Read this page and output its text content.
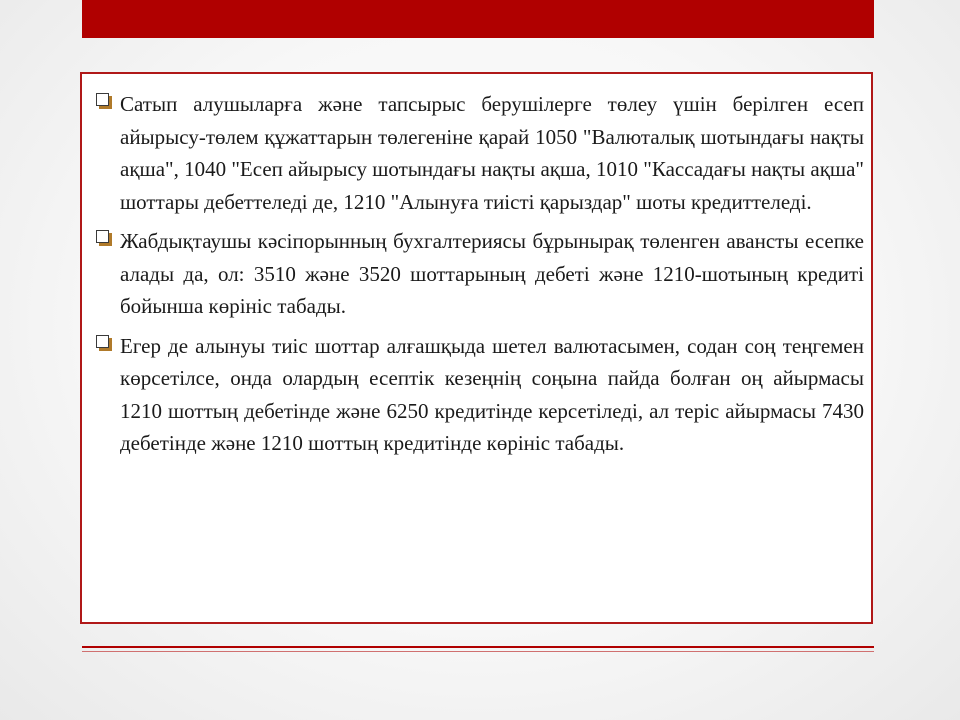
Сатып алушыларға және тапсырыс берушілерге төлеу үшін берілген есеп айырысу-төлем құжаттарын төлегеніне қарай 1050 "Валюталық шотындағы нақты ақша", 1040 "Есеп айырысу шотындағы нақты ақша, 1010 "Кассадағы нақты ақша" шоттары дебеттеледі де, 1210 "Алынуға тиісті қарыздар" шоты кредиттеледі.
Жабдықтаушы кәсіпорынның бухгалтериясы бұрынырақ төленген авансты есепке алады да, ол: 3510 және 3520 шоттарының дебеті және 1210-шотының кредиті бойынша көрініс табады.
Егер де алынуы тиіс шоттар алғашқыда шетел валютасымен, содан соң теңгемен көрсетілсе, онда олардың есептік кезеңнің соңына пайда болған оң айырмасы 1210 шоттың дебетінде және 6250 кредитінде керсетіледі, ал теріс айырмасы 7430 дебетінде және 1210 шоттың кредитінде көрініс табады.
